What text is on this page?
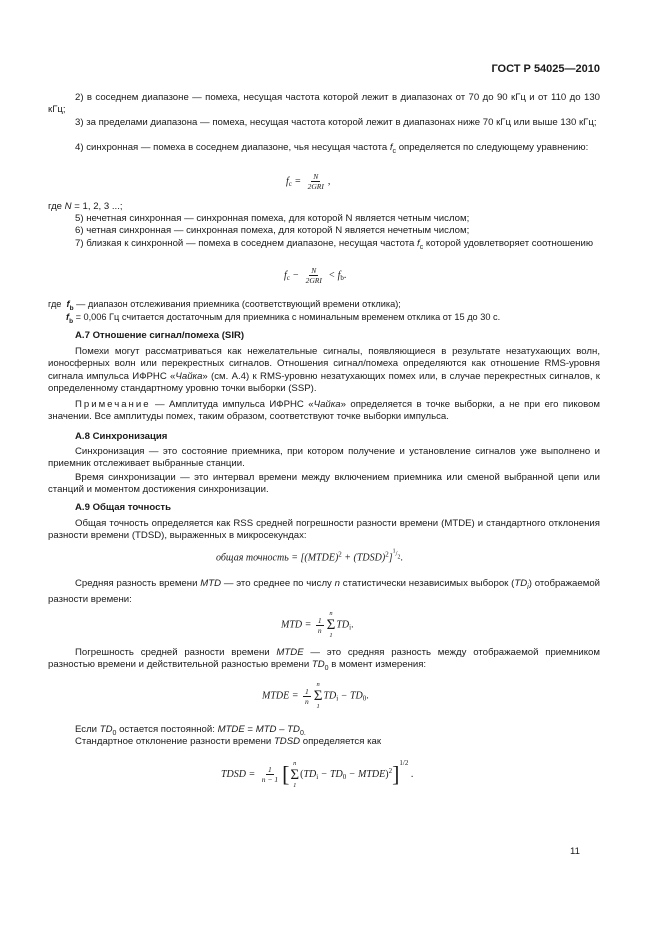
ГОСТ Р 54025—2010

2) в соседнем диапазоне — помеха, несущая частота которой лежит в диапазонах от 70 до 90 кГц и от 110 до 130 кГц;

3) за пределами диапазона — помеха, несущая частота которой лежит в диапазонах ниже 70 кГц или выше 130 кГц;

4) синхронная — помеха в соседнем диапазоне, чья несущая частота $f_c$ определяется по следующему уравнению:

$f_c = \frac{N}{\text{2GRI}}$ ,

где N = 1, 2, 3 ...;

5) нечетная синхронная — синхронная помеха, для которой N является четным числом;

6) четная синхронная — синхронная помеха, для которой N является нечетным числом;

7) близкая к синхронной — помеха в соседнем диапазоне, несущая частота $f_c$ которой удовлетворяет соотношению

$f_c - \frac{N}{\text{2GRI}} < f_b$.

где  $f_b$ — диапазон отслеживания приемника (соответствующий времени отклика);

$f_b = 0,006$ Гц считается достаточным для приемника с номинальным временем отклика от 15 до 30 с.

А.7 Отношение сигнал/помеха (SIR)

Помехи могут рассматриваться как нежелательные сигналы, появляющиеся в результате незатухающих волн, ионосферных волн или перекрестных сигналов. Отношения сигнал/помеха определяются как отношение RMS-уровня сигнала импульса ИФРНС «Чайка» (см. А.4) к RMS-уровню незатухающих помех или, в случае перекрестных сигналов, к определенному стандартному уровню точки выборки (SSP).

Примечание — Амплитуда импульса ИФРНС «Чайка» определяется в точке выборки, а не при его пиковом значении. Все амплитуды помех, таким образом, соответствуют точке выборки импульса.

А.8 Синхронизация

Синхронизация — это состояние приемника, при котором получение и установление сигналов уже выполнено и приемник отслеживает выбранные станции.

Время синхронизации — это интервал времени между включением приемника или сменой выбранной цепи или станций и моментом достижения синхронизации.

А.9 Общая точность

Общая точность определяется как RSS средней погрешности разности времени (MTDE) и стандартного отклонения разности времени (TDSD), выраженных в микросекундах:

общая точность = [(MTDE)$^2$ + (TDSD)$^2$]$^{^1/_2}$.

Средняя разность времени MTD — это среднее по числу n статистически независимых выборок $(TD_i)$ отображаемой разности времени:

MTD = $\frac{1}{n}$
n
Σ
1
$TD_i$.

Погрешность средней разности времени MTDE — это средняя разность между отображаемой приемником разностью времени и действительной разностью времени $TD_0$ в момент измерения:

MTDE = $\frac{1}{n}$
n
Σ
1
$TD_i - TD_0$.

Если $TD_0$ остается постоянной: MTDE = MTD – $TD_{0.}$

Стандартное отклонение разности времени TDSD определяется как

TDSD = $\frac{1}{n - 1}$ [ n
Σ
1
($TD_i - TD_0$ − MTDE)$^2$]$^{1/2}$ .
11
